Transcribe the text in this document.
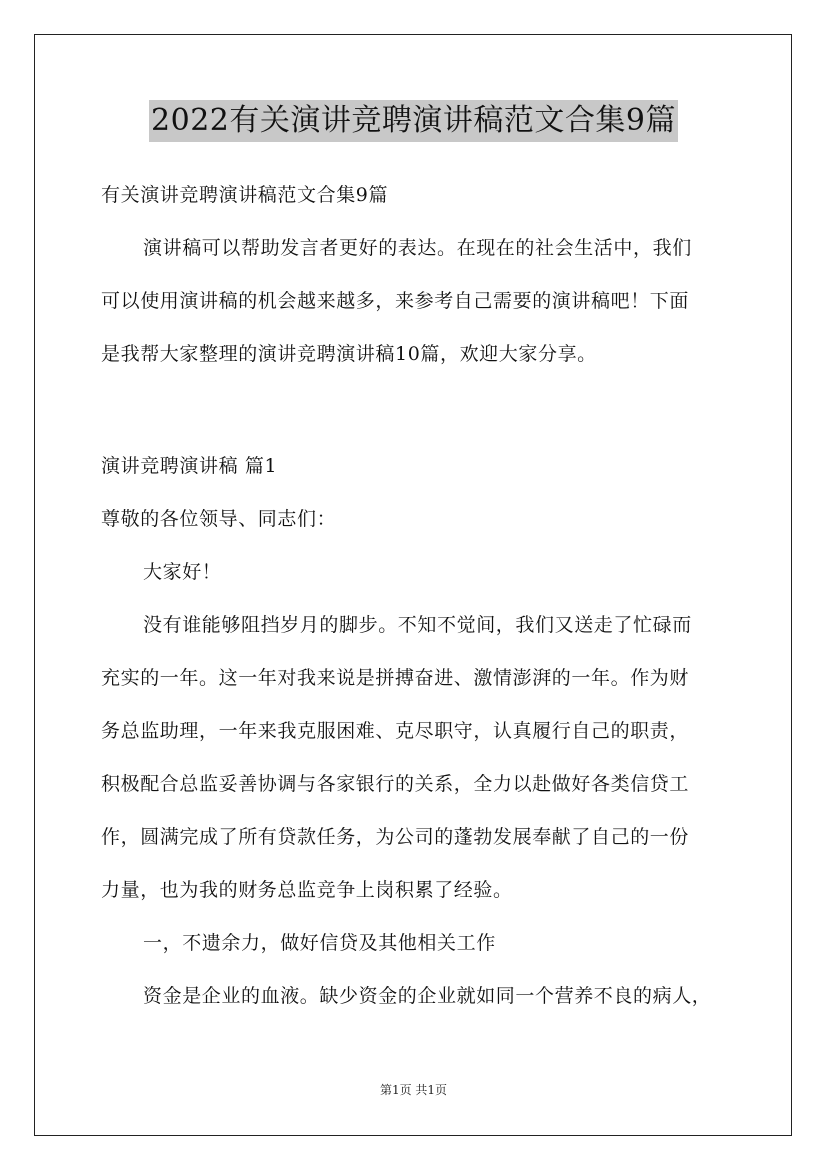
2022有关演讲竞聘演讲稿范文合集9篇
有关演讲竞聘演讲稿范文合集9篇
演讲稿可以帮助发言者更好的表达。在现在的社会生活中，我们
可以使用演讲稿的机会越来越多，来参考自己需要的演讲稿吧！下面
是我帮大家整理的演讲竞聘演讲稿10篇，欢迎大家分享。
演讲竞聘演讲稿 篇1
尊敬的各位领导、同志们：
大家好！
没有谁能够阻挡岁月的脚步。不知不觉间，我们又送走了忙碌而
充实的一年。这一年对我来说是拼搏奋进、激情澎湃的一年。作为财
务总监助理，一年来我克服困难、克尽职守，认真履行自己的职责，
积极配合总监妥善协调与各家银行的关系，全力以赴做好各类信贷工
作，圆满完成了所有贷款任务，为公司的蓬勃发展奉献了自己的一份
力量，也为我的财务总监竞争上岗积累了经验。
一，不遗余力，做好信贷及其他相关工作
资金是企业的血液。缺少资金的企业就如同一个营养不良的病人，
第1页 共1页
